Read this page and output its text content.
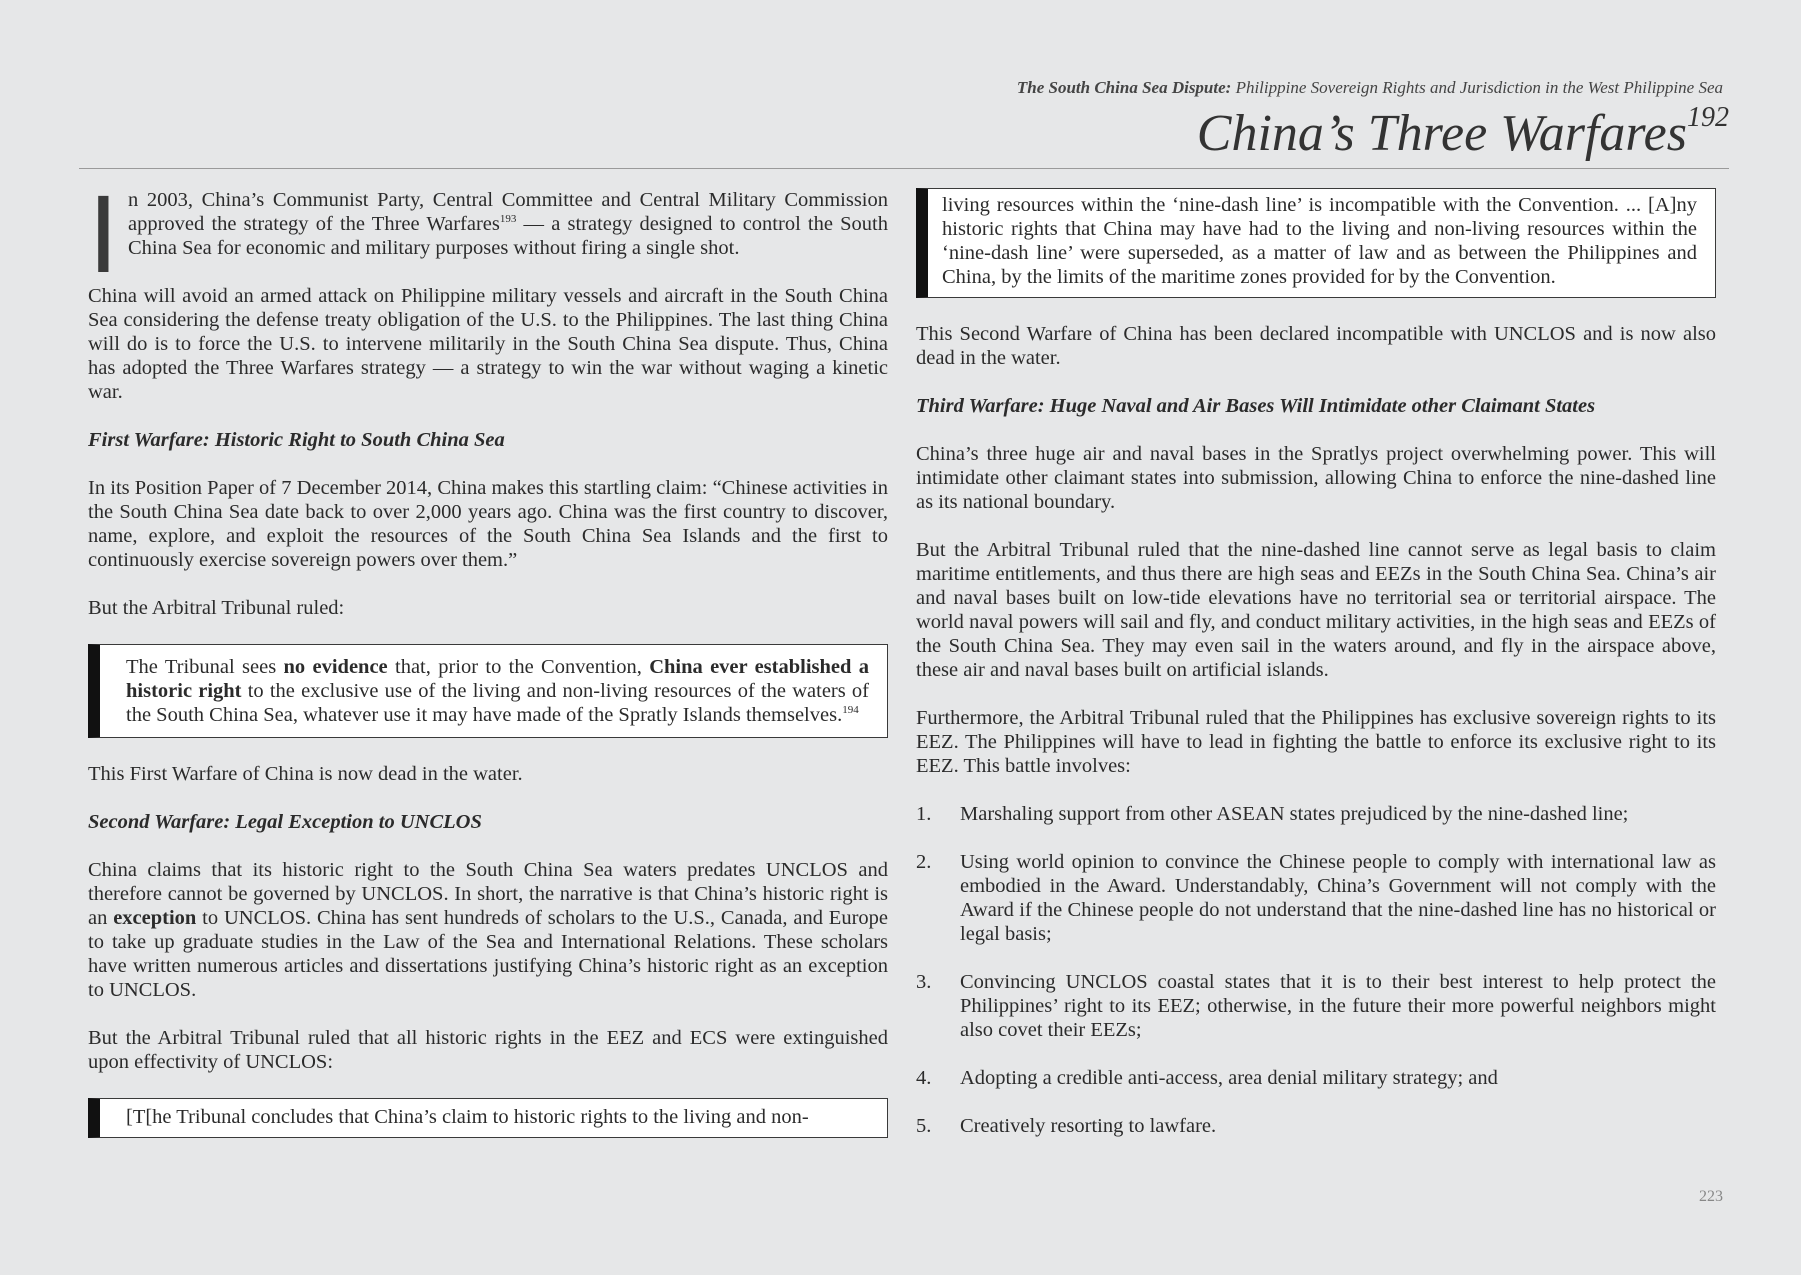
The South China Sea Dispute: Philippine Sovereign Rights and Jurisdiction in the West Philippine Sea
China’s Three Warfares$^{192}$

I n 2003, China’s Communist Party, Central Committee and Central Military Commission approved the strategy of the Three Warfares$^{193}$ — a strategy designed to control the South China Sea for economic and military purposes without firing a single shot.

China will avoid an armed attack on Philippine military vessels and aircraft in the South China Sea considering the defense treaty obligation of the U.S. to the Philippines. The last thing China will do is to force the U.S. to intervene militarily in the South China Sea dispute. Thus, China has adopted the Three Warfares strategy — a strategy to win the war without waging a kinetic war.

First Warfare: Historic Right to South China Sea

In its Position Paper of 7 December 2014, China makes this startling claim: “Chinese activities in the South China Sea date back to over 2,000 years ago. China was the first country to discover, name, explore, and exploit the resources of the South China Sea Islands and the first to continuously exercise sovereign powers over them.”

But the Arbitral Tribunal ruled:

The Tribunal sees no evidence that, prior to the Convention, China ever established a historic right to the exclusive use of the living and non-living resources of the waters of the South China Sea, whatever use it may have made of the Spratly Islands themselves.$^{194}$

This First Warfare of China is now dead in the water.

Second Warfare: Legal Exception to UNCLOS

China claims that its historic right to the South China Sea waters predates UNCLOS and therefore cannot be governed by UNCLOS. In short, the narrative is that China’s historic right is an exception to UNCLOS. China has sent hundreds of scholars to the U.S., Canada, and Europe to take up graduate studies in the Law of the Sea and International Relations. These scholars have written numerous articles and dissertations justifying China’s historic right as an exception to UNCLOS.

But the Arbitral Tribunal ruled that all historic rights in the EEZ and ECS were extinguished upon effectivity of UNCLOS:

[T[he Tribunal concludes that China’s claim to historic rights to the living and non-

living resources within the ‘nine-dash line’ is incompatible with the Convention. ... [A]ny historic rights that China may have had to the living and non-living resources within the ‘nine-dash line’ were superseded, as a matter of law and as between the Philippines and China, by the limits of the maritime zones provided for by the Convention.

This Second Warfare of China has been declared incompatible with UNCLOS and is now also dead in the water.

Third Warfare: Huge Naval and Air Bases Will Intimidate other Claimant States

China’s three huge air and naval bases in the Spratlys project overwhelming power. This will intimidate other claimant states into submission, allowing China to enforce the nine-dashed line as its national boundary.

But the Arbitral Tribunal ruled that the nine-dashed line cannot serve as legal basis to claim maritime entitlements, and thus there are high seas and EEZs in the South China Sea. China’s air and naval bases built on low-tide elevations have no territorial sea or territorial airspace. The world naval powers will sail and fly, and conduct military activities, in the high seas and EEZs of the South China Sea. They may even sail in the waters around, and fly in the airspace above, these air and naval bases built on artificial islands.

Furthermore, the Arbitral Tribunal ruled that the Philippines has exclusive sovereign rights to its EEZ. The Philippines will have to lead in fighting the battle to enforce its exclusive right to its EEZ. This battle involves:

1. Marshaling support from other ASEAN states prejudiced by the nine-dashed line;
2. Using world opinion to convince the Chinese people to comply with international law as embodied in the Award. Understandably, China’s Government will not comply with the Award if the Chinese people do not understand that the nine-dashed line has no historical or legal basis;
3. Convincing UNCLOS coastal states that it is to their best interest to help protect the Philippines’ right to its EEZ; otherwise, in the future their more powerful neighbors might also covet their EEZs;
4. Adopting a credible anti-access, area denial military strategy; and
5. Creatively resorting to lawfare.
223
